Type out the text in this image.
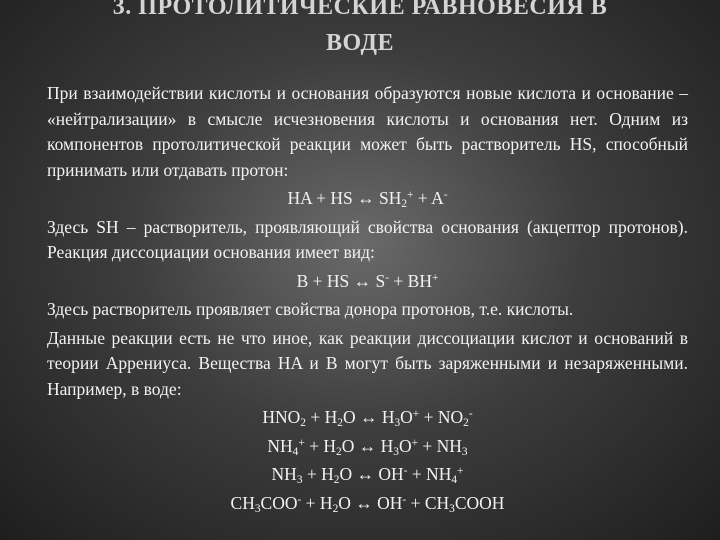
3. ПРОТОЛИТИЧЕСКИЕ РАВНОВЕСИЯ В
ВОДЕ

При взаимодействии кислоты и основания образуются новые кислота и основание – «нейтрализации» в смысле исчезновения кислоты и основания нет. Одним из компонентов протолитической реакции может быть растворитель HS, способный принимать или отдавать протон:

HA + HS ↔ $SH_2^+ + A^-$

Здесь SH – растворитель, проявляющий свойства основания (акцептор протонов). Реакция диссоциации основания имеет вид:

B + HS ↔ S- + BH+

Здесь растворитель проявляет свойства донора протонов, т.е. кислоты.

Данные реакции есть не что иное, как реакции диссоциации кислот и оснований в теории Аррениуса. Вещества HA и B могут быть заряженными и незаряженными. Например, в воде:

$HNO_2 + H_2O$ ↔ $H_3O^+ + NO_2^-$

$NH_4^+ + H_2O$ ↔ $H_3O^+ + NH_3$

$NH_3 + H_2O$ ↔ $OH^- + NH_4^+$

$CH_3COO^- + H_2O$ ↔ $OH^- + CH_3COOH$
